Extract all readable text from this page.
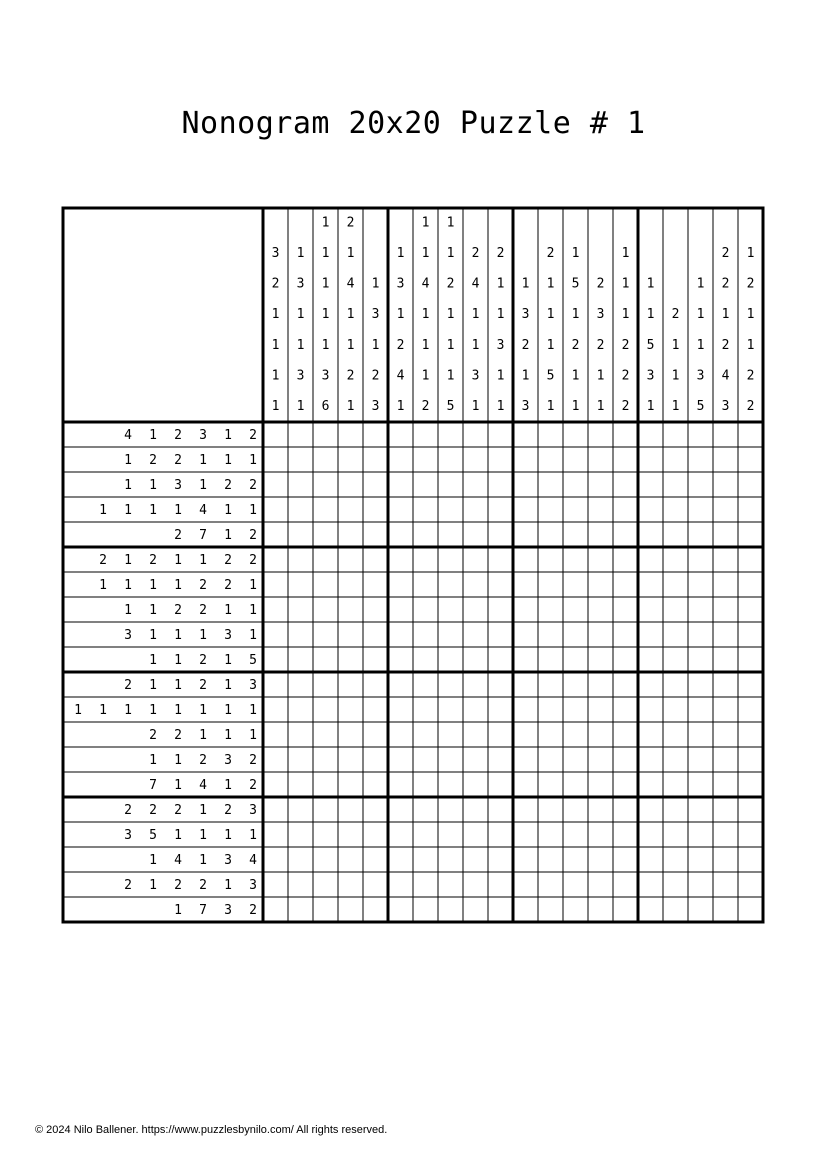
Nonogram 20x20 Puzzle # 1
3
2
1
1
1
1
1
3
1
1
3
1
1
1
1
1
1
3
6
2
1
4
1
1
2
1
1
3
1
2
3
1
3
1
2
4
1
1
1
4
1
1
1
2
1
1
2
1
1
1
5
2
4
1
1
3
1
2
1
1
3
1
1
1
3
2
1
3
2
1
1
1
5
1
1
5
1
2
1
1
2
3
2
1
1
1
1
1
2
2
2
1
1
5
3
1
2
1
1
1
1
1
1
3
5
2
2
1
2
4
3
1
2
1
1
2
2
4 1 2 3 1 2
1 2 2 1 1 1
1 1 3 1 2 2
1 1 1 1 4 1 1
2 7 1 2
2 1 2 1 1 2 2
1 1 1 1 2 2 1
1 1 2 2 1 1
3 1 1 1 3 1
1 1 2 1 5
2 1 1 2 1 3
1 1 1 1 1 1 1 1
2 2 1 1 1
1 1 2 3 2
7 1 4 1 2
2 2 2 1 2 3
3 5 1 1 1 1
1 4 1 3 4
2 1 2 2 1 3
1 7 3 2
© 2024 Nilo Ballener. https://www.puzzlesbynilo.com/ All rights reserved.
